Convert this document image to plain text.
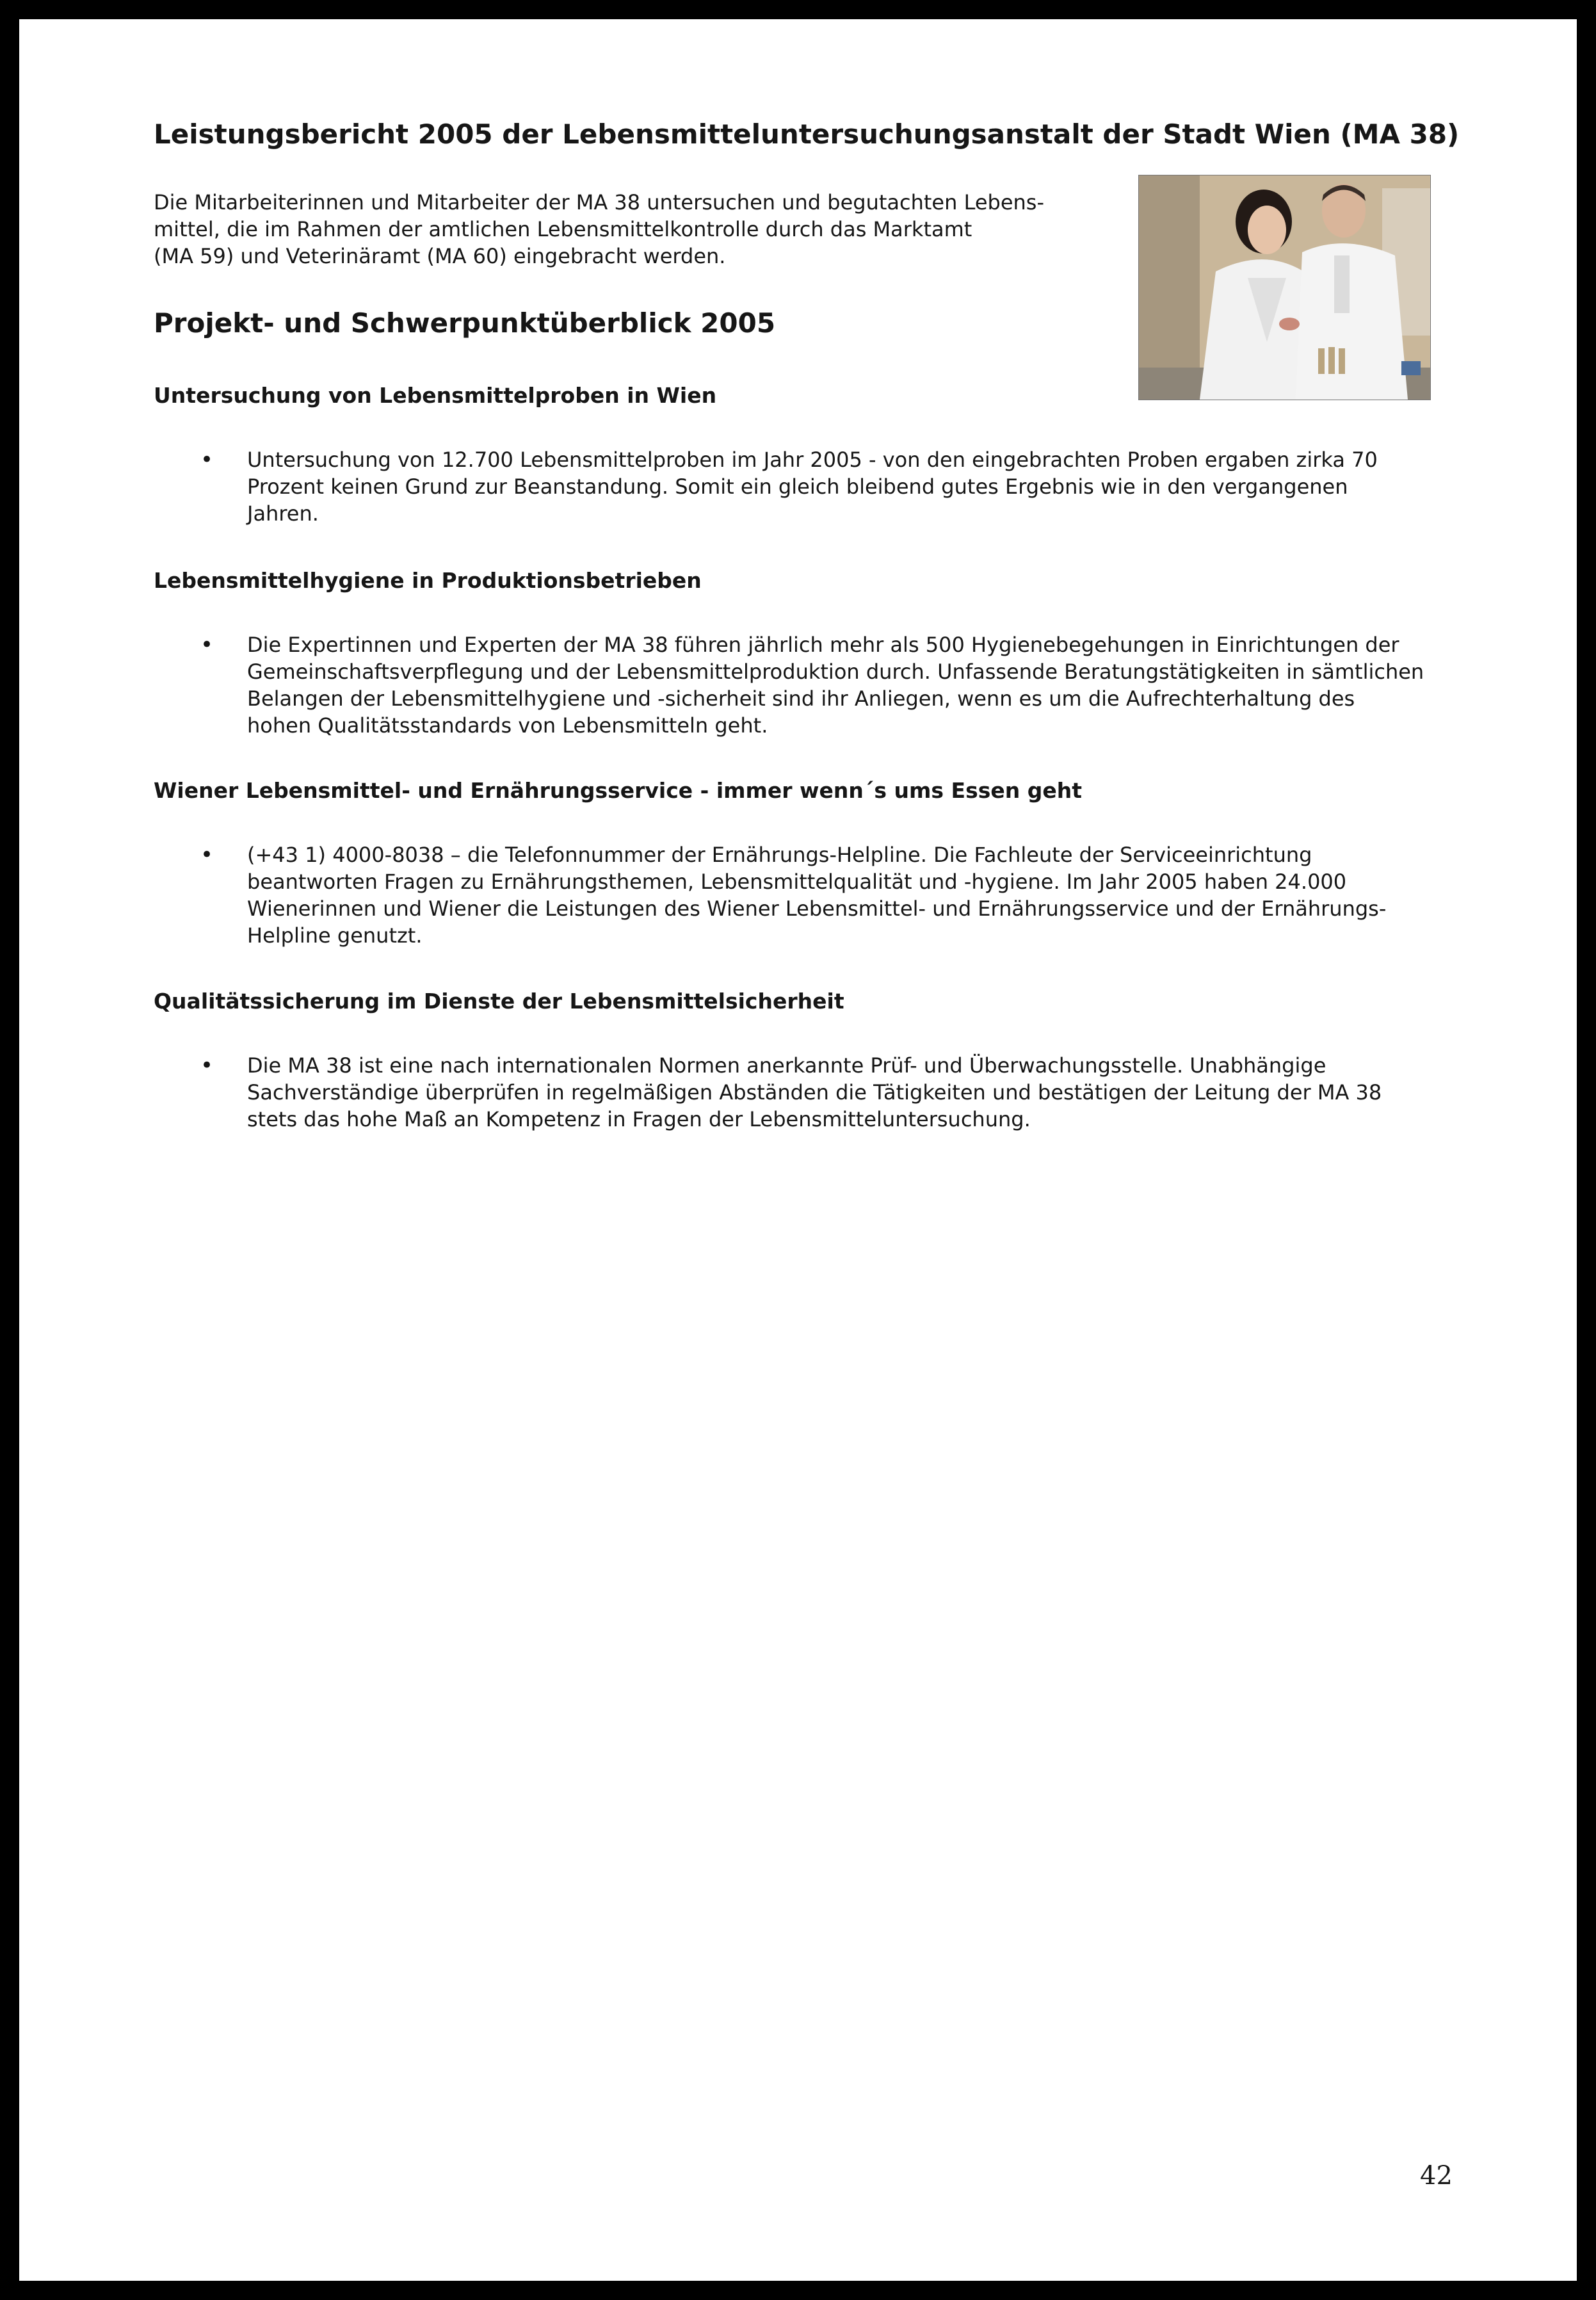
Leistungsbericht 2005 der Lebensmitteluntersuchungsanstalt der Stadt Wien (MA 38)

Die Mitarbeiterinnen und Mitarbeiter der MA 38 untersuchen und begutachten Lebens-

mittel, die im Rahmen der amtlichen Lebensmittelkontrolle durch das Marktamt

(MA 59) und Veterinäramt (MA 60) eingebracht werden.

Projekt- und Schwerpunktüberblick 2005
Untersuchung von Lebensmittelproben in Wien
• Untersuchung von 12.700 Lebensmittelproben im Jahr 2005 - von den eingebrachten Proben ergaben zirka 70

Prozent keinen Grund zur Beanstandung. Somit ein gleich bleibend gutes Ergebnis wie in den vergangenen

Jahren.

Lebensmittelhygiene in Produktionsbetrieben
• Die Expertinnen und Experten der MA 38 führen jährlich mehr als 500 Hygienebegehungen in Einrichtungen der

Gemeinschaftsverpflegung und der Lebensmittelproduktion durch. Unfassende Beratungstätigkeiten in sämtlichen

Belangen der Lebensmittelhygiene und -sicherheit sind ihr Anliegen, wenn es um die Aufrechterhaltung des

hohen Qualitätsstandards von Lebensmitteln geht.

Wiener Lebensmittel- und Ernährungsservice - immer wenn´s ums Essen geht
• (+43 1) 4000-8038 – die Telefonnummer der Ernährungs-Helpline. Die Fachleute der Serviceeinrichtung

beantworten Fragen zu Ernährungsthemen, Lebensmittelqualität und -hygiene. Im Jahr 2005 haben 24.000

Wienerinnen und Wiener die Leistungen des Wiener Lebensmittel- und Ernährungsservice und der Ernährungs-

Helpline genutzt.

Qualitätssicherung im Dienste der Lebensmittelsicherheit
• Die MA 38 ist eine nach internationalen Normen anerkannte Prüf- und Überwachungsstelle. Unabhängige

Sachverständige überprüfen in regelmäßigen Abständen die Tätigkeiten und bestätigen der Leitung der MA 38

stets das hohe Maß an Kompetenz in Fragen der Lebensmitteluntersuchung.

42
